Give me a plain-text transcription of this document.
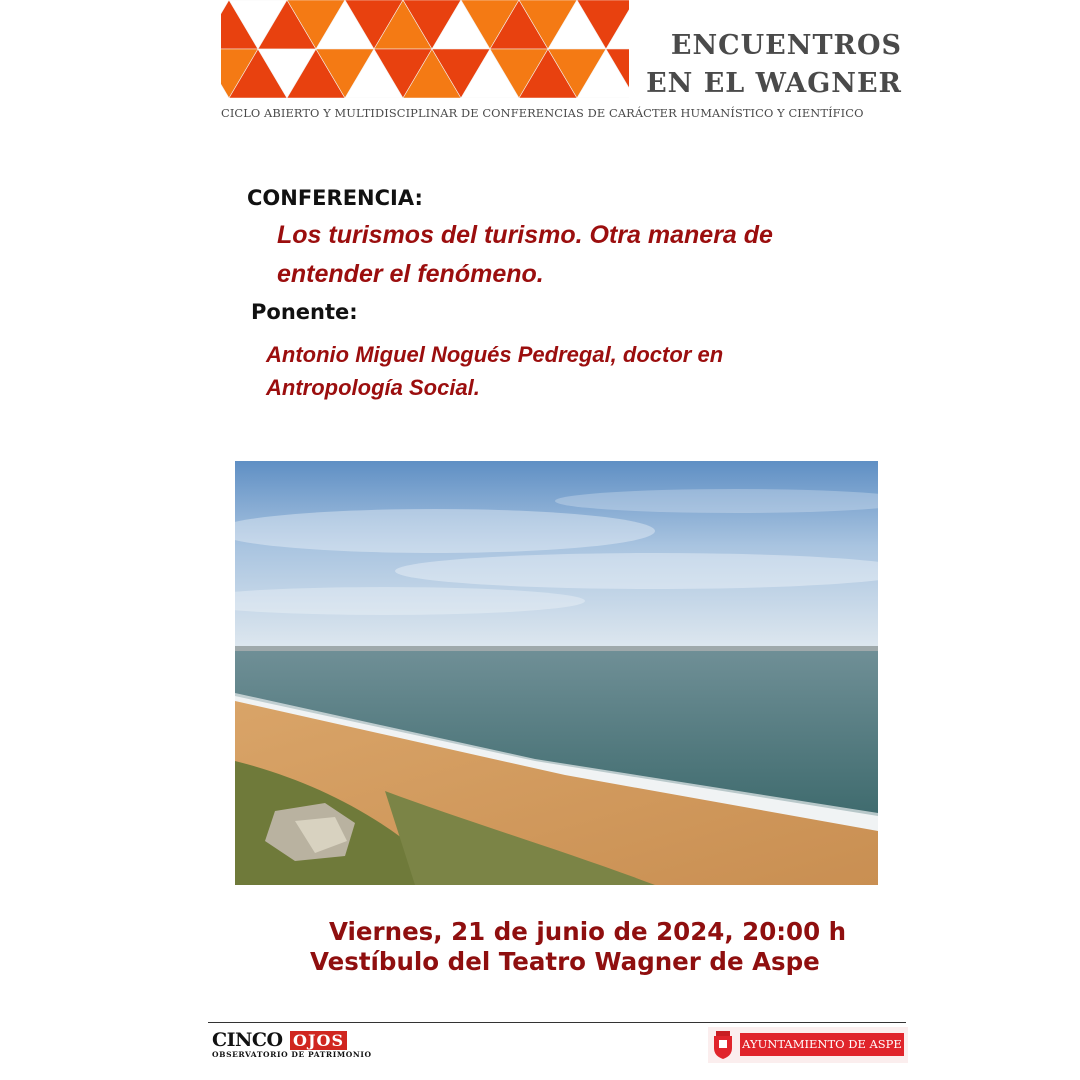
ENCUENTROS
EN EL WAGNER
CICLO ABIERTO Y MULTIDISCIPLINAR DE CONFERENCIAS DE CARÁCTER HUMANÍSTICO Y CIENTÍFICO
CONFERENCIA:
Los turismos del turismo. Otra manera de
entender el fenómeno.
Ponente:
Antonio Miguel Nogués Pedregal, doctor en
Antropología Social.
Viernes, 21 de junio de 2024, 20:00 h
Vestíbulo del Teatro Wagner de Aspe
CINCO OJOS
OBSERVATORIO DE PATRIMONIO
AYUNTAMIENTO DE ASPE
